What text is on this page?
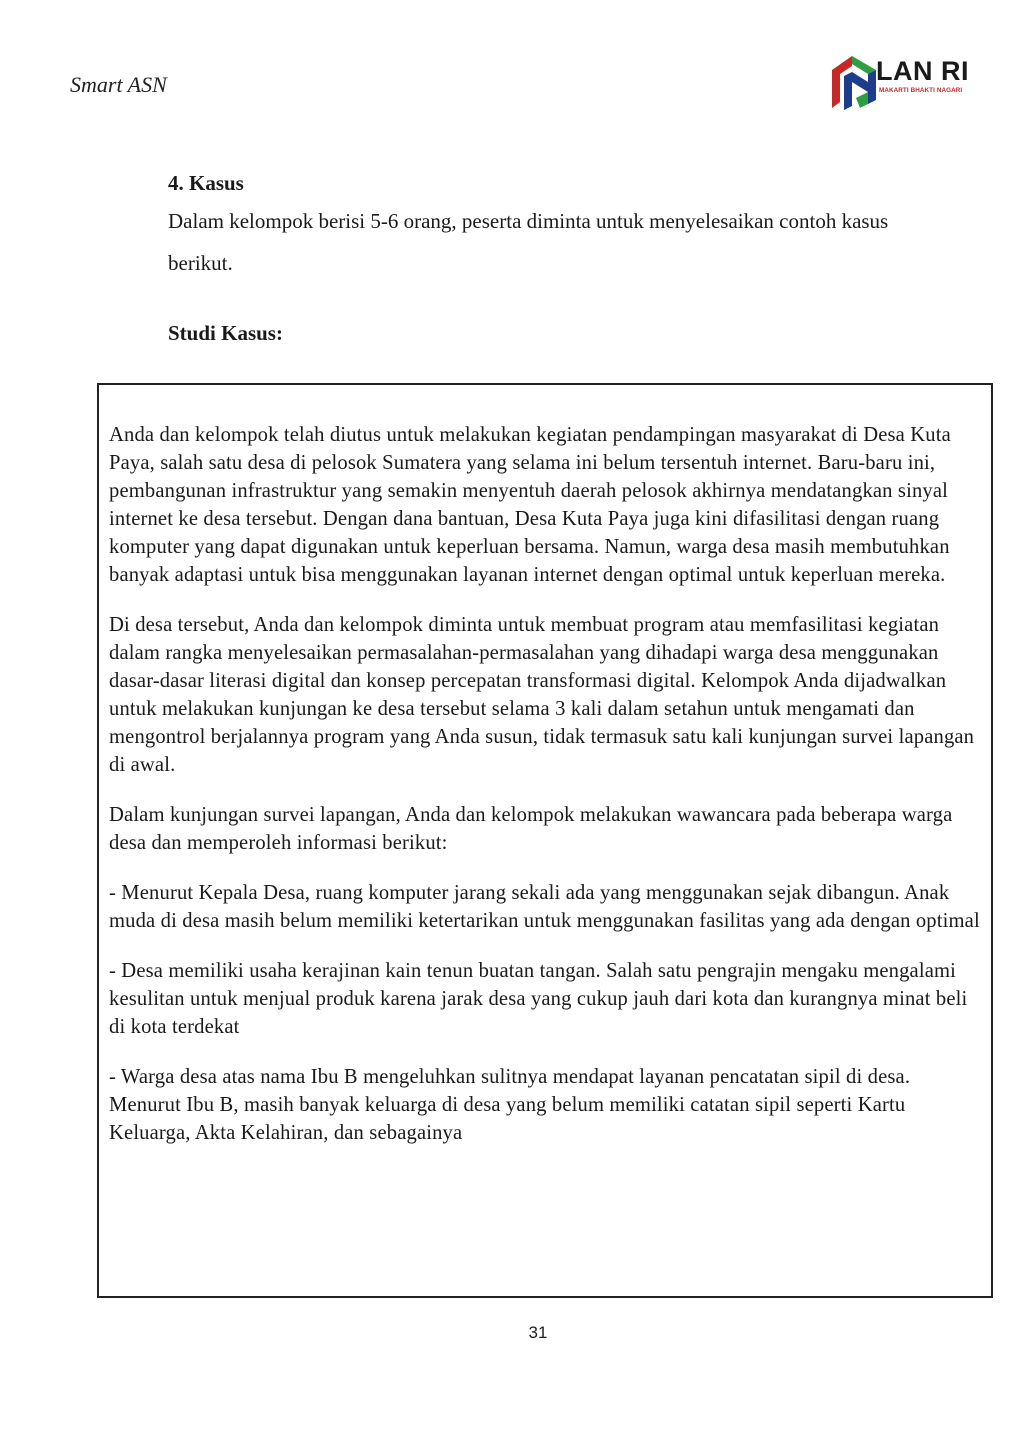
Smart ASN	LAN RI
MAKARTI BHAKTI NAGARI
4. Kasus

Dalam kelompok berisi 5-6 orang, peserta diminta untuk menyelesaikan contoh kasus berikut.

Studi Kasus:

Anda dan kelompok telah diutus untuk melakukan kegiatan pendampingan masyarakat di Desa Kuta Paya, salah satu desa di pelosok Sumatera yang selama ini belum tersentuh internet. Baru-baru ini, pembangunan infrastruktur yang semakin menyentuh daerah pelosok akhirnya mendatangkan sinyal internet ke desa tersebut. Dengan dana bantuan, Desa Kuta Paya juga kini difasilitasi dengan ruang komputer yang dapat digunakan untuk keperluan bersama. Namun, warga desa masih membutuhkan banyak adaptasi untuk bisa menggunakan layanan internet dengan optimal untuk keperluan mereka.

Di desa tersebut, Anda dan kelompok diminta untuk membuat program atau memfasilitasi kegiatan dalam rangka menyelesaikan permasalahan-permasalahan yang dihadapi warga desa menggunakan dasar-dasar literasi digital dan konsep percepatan transformasi digital. Kelompok Anda dijadwalkan untuk melakukan kunjungan ke desa tersebut selama 3 kali dalam setahun untuk mengamati dan mengontrol berjalannya program yang Anda susun, tidak termasuk satu kali kunjungan survei lapangan di awal.

Dalam kunjungan survei lapangan, Anda dan kelompok melakukan wawancara pada beberapa warga desa dan memperoleh informasi berikut:

- Menurut Kepala Desa, ruang komputer jarang sekali ada yang menggunakan sejak dibangun. Anak muda di desa masih belum memiliki ketertarikan untuk menggunakan fasilitas yang ada dengan optimal

- Desa memiliki usaha kerajinan kain tenun buatan tangan. Salah satu pengrajin mengaku mengalami kesulitan untuk menjual produk karena jarak desa yang cukup jauh dari kota dan kurangnya minat beli di kota terdekat

- Warga desa atas nama Ibu B mengeluhkan sulitnya mendapat layanan pencatatan sipil di desa. Menurut Ibu B, masih banyak keluarga di desa yang belum memiliki catatan sipil seperti Kartu Keluarga, Akta Kelahiran, dan sebagainya

31
